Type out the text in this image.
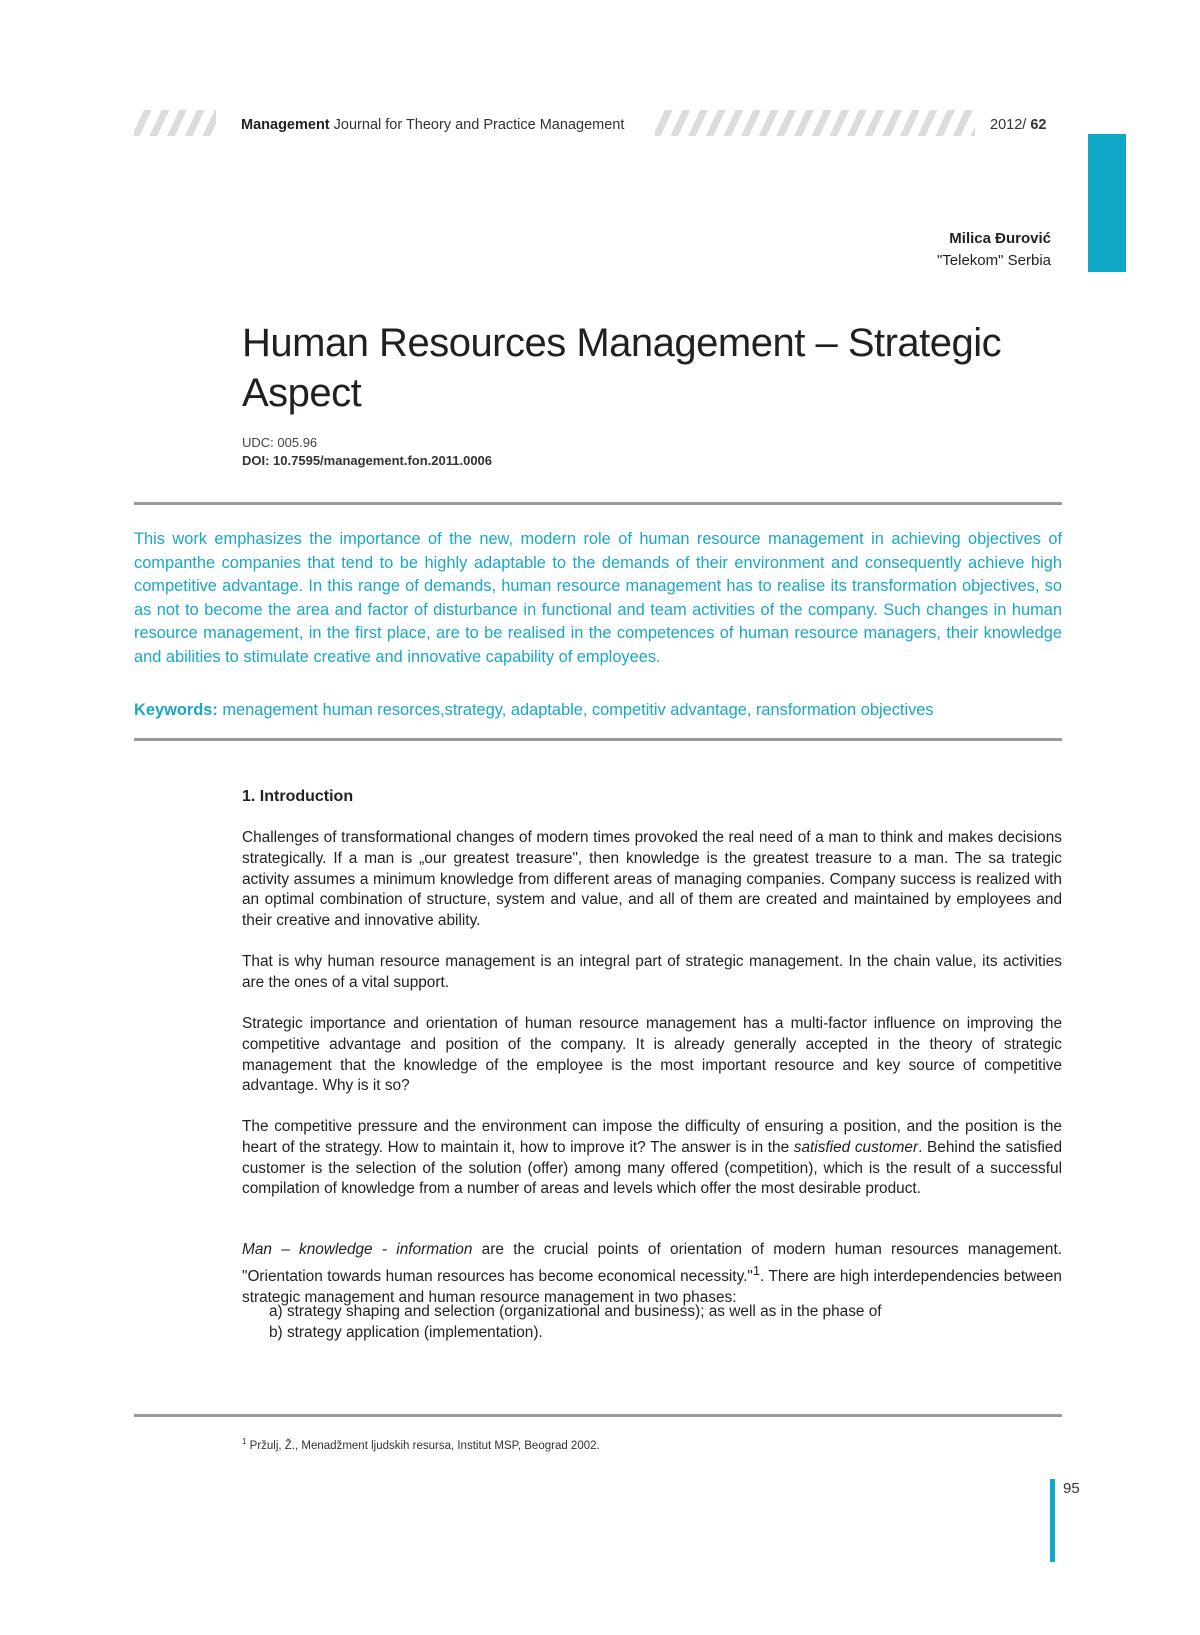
Management Journal for Theory and Practice Management	2012/ 62
Milica Đurović
"Telekom" Serbia
Human Resources Management – Strategic Aspect
UDC: 005.96
DOI: 10.7595/management.fon.2011.0006

This work emphasizes the importance of the new, modern role of human resource management in achieving objectives of companthe companies that tend to be highly adaptable to the demands of their environment and consequently achieve high competitive advantage. In this range of demands, human resource management has to realise its transformation objectives, so as not to become the area and factor of disturbance in functional and team activities of the company. Such changes in human resource management, in the first place, are to be realised in the competences of human resource managers, their knowledge and abilities to stimulate creative and innovative capability of employees.

Keywords: menagement human resorces,strategy, adaptable, competitiv advantage, ransformation objectives

1. Introduction

Challenges of transformational changes of modern times provoked the real need of a man to think and makes decisions strategically. If a man is „our greatest treasure", then knowledge is the greatest treasure to a man. The sa trategic activity assumes a minimum knowledge from different areas of managing companies. Company success is realized with an optimal combination of structure, system and value, and all of them are created and maintained by employees and their creative and innovative ability.

That is why human resource management is an integral part of strategic management. In the chain value, its activities are the ones of a vital support.

Strategic importance and orientation of human resource management has a multi-factor influence on improving the competitive advantage and position of the company. It is already generally accepted in the theory of strategic management that the knowledge of the employee is the most important resource and key source of competitive advantage. Why is it so?

The competitive pressure and the environment can impose the difficulty of ensuring a position, and the position is the heart of the strategy. How to maintain it, how to improve it? The answer is in the satisfied customer. Behind the satisfied customer is the selection of the solution (offer) among many offered (competition), which is the result of a successful compilation of knowledge from a number of areas and levels which offer the most desirable product.

Man – knowledge - information are the crucial points of orientation of modern human resources management. "Orientation towards human resources has become economical necessity."$^1$. There are high interdependencies between strategic management and human resource management in two phases:

a) strategy shaping and selection (organizational and business); as well as in the phase of

b) strategy application (implementation).

$^1$ Pržulj, Ž., Menadžment ljudskih resursa, Institut MSP, Beograd 2002.
95
